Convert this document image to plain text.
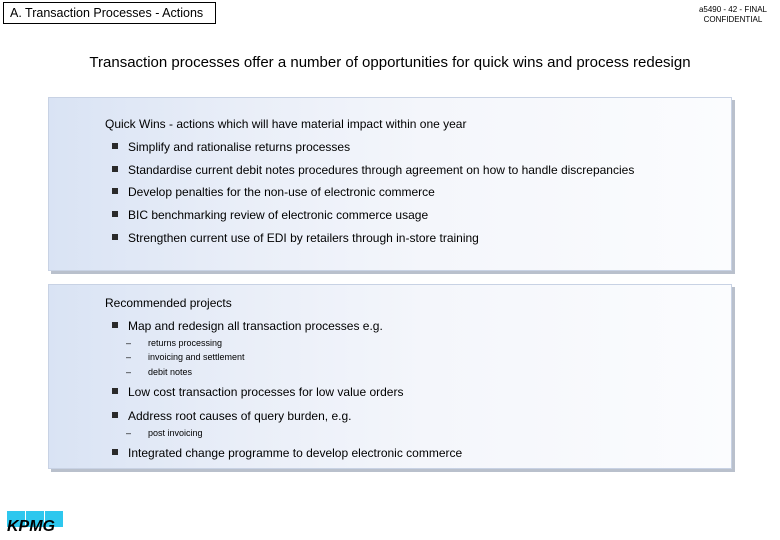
A. Transaction Processes - Actions	a5490 - 42 - FINAL
CONFIDENTIAL
Transaction processes offer a number of opportunities for quick wins and process redesign
Quick Wins - actions which will have material impact within one year
Simplify and rationalise returns processes
Standardise current debit notes procedures through agreement on how to handle discrepancies
Develop penalties for the non-use of electronic commerce
BIC benchmarking review of electronic commerce usage
Strengthen current use of EDI by retailers through in-store training
Recommended projects
Map and redesign all transaction processes e.g.
– returns processing
– invoicing and settlement
– debit notes
Low cost transaction processes for low value orders
Address root causes of query burden, e.g.
– post invoicing
Integrated change programme to develop electronic commerce
KPMG
